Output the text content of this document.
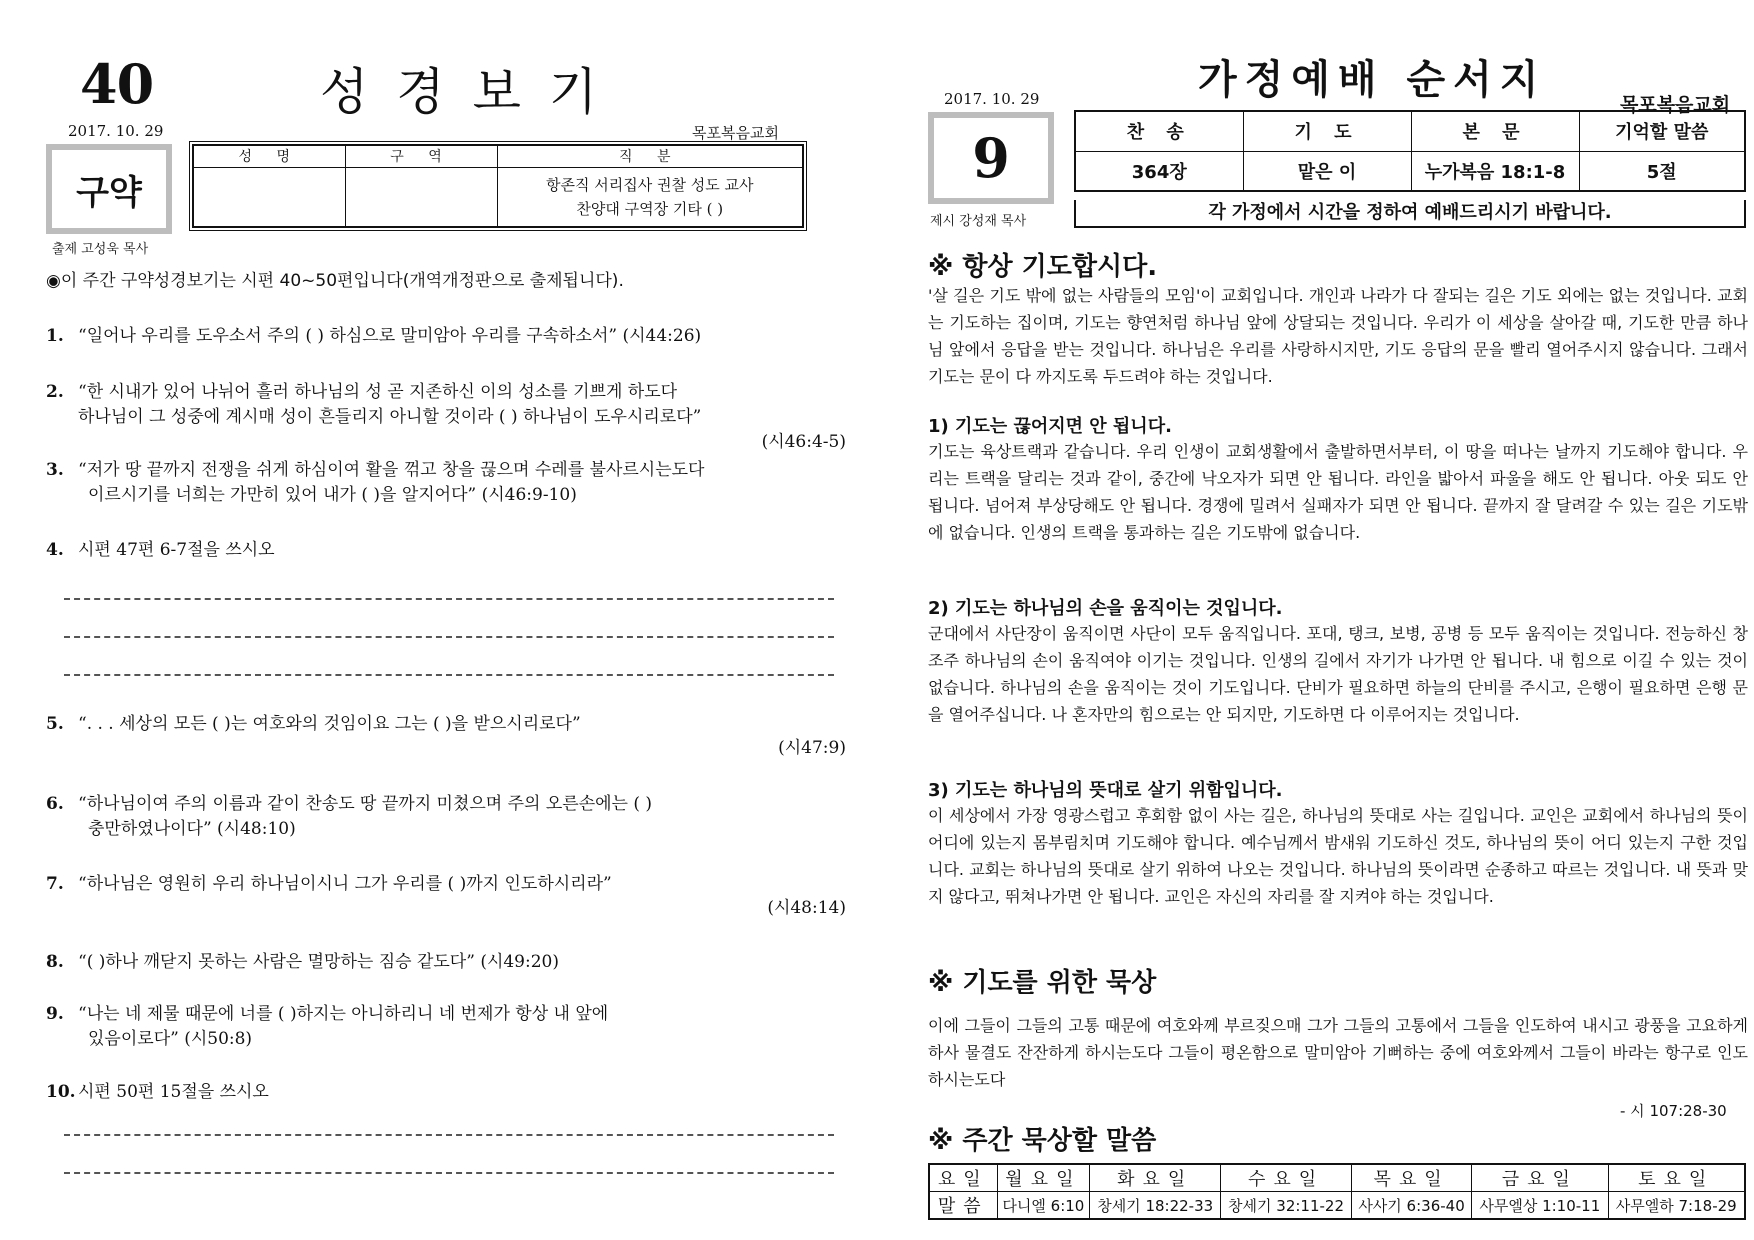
40	성경보기
2017. 10. 29	목포복음교회
구약
출제 고성욱 목사
성 명	구 역	직 분

		항존직 서리집사 권찰 성도 교사
찬양대 구역장 기타 ( )
◉이 주간 구약성경보기는 시편 40~50편입니다(개역개정판으로 출제됩니다).
1. “일어나 우리를 도우소서 주의 ( ) 하심으로 말미암아 우리를 구속하소서” (시44:26)
2. “한 시내가 있어 나뉘어 흘러 하나님의 성 곧 지존하신 이의 성소를 기쁘게 하도다
하나님이 그 성중에 계시매 성이 흔들리지 아니할 것이라 ( ) 하나님이 도우시리로다”
(시46:4-5)
3. “저가 땅 끝까지 전쟁을 쉬게 하심이여 활을 꺾고 창을 끊으며 수레를 불사르시는도다
이르시기를 너희는 가만히 있어 내가 ( )을 알지어다” (시46:9-10)
4. 시편 47편 6-7절을 쓰시오
5. “. . . 세상의 모든 ( )는 여호와의 것임이요 그는 ( )을 받으시리로다”
(시47:9)
6. “하나님이여 주의 이름과 같이 찬송도 땅 끝까지 미쳤으며 주의 오른손에는 ( )
충만하였나이다” (시48:10)
7. “하나님은 영원히 우리 하나님이시니 그가 우리를 ( )까지 인도하시리라”
(시48:14)
8. “( )하나 깨닫지 못하는 사람은 멸망하는 짐승 같도다” (시49:20)
9. “나는 네 제물 때문에 너를 ( )하지는 아니하리니 네 번제가 항상 내 앞에
있음이로다” (시50:8)
10. 시편 50편 15절을 쓰시오
가정예배 순서지
2017. 10. 29	목포복음교회
9
제시 강성재 목사
찬 송	기 도	본 문	기억할 말씀
364장	맡은 이	누가복음 18:1-8	5절
각 가정에서 시간을 정하여 예배드리시기 바랍니다.
※ 항상 기도합시다.
'살 길은 기도 밖에 없는 사람들의 모임'이 교회입니다. 개인과 나라가 다 잘되는 길은 기도 외에는 없는 것입니다. 교회는 기도하는 집이며, 기도는 향연처럼 하나님 앞에 상달되는 것입니다. 우리가 이 세상을 살아갈 때, 기도한 만큼 하나님 앞에서 응답을 받는 것입니다. 하나님은 우리를 사랑하시지만, 기도 응답의 문을 빨리 열어주시지 않습니다. 그래서 기도는 문이 다 까지도록 두드려야 하는 것입니다.
1) 기도는 끊어지면 안 됩니다.
기도는 육상트랙과 같습니다. 우리 인생이 교회생활에서 출발하면서부터, 이 땅을 떠나는 날까지 기도해야 합니다. 우리는 트랙을 달리는 것과 같이, 중간에 낙오자가 되면 안 됩니다. 라인을 밟아서 파울을 해도 안 됩니다. 아웃 되도 안 됩니다. 넘어져 부상당해도 안 됩니다. 경쟁에 밀려서 실패자가 되면 안 됩니다. 끝까지 잘 달려갈 수 있는 길은 기도밖에 없습니다. 인생의 트랙을 통과하는 길은 기도밖에 없습니다.
2) 기도는 하나님의 손을 움직이는 것입니다.
군대에서 사단장이 움직이면 사단이 모두 움직입니다. 포대, 탱크, 보병, 공병 등 모두 움직이는 것입니다. 전능하신 창조주 하나님의 손이 움직여야 이기는 것입니다. 인생의 길에서 자기가 나가면 안 됩니다. 내 힘으로 이길 수 있는 것이 없습니다. 하나님의 손을 움직이는 것이 기도입니다. 단비가 필요하면 하늘의 단비를 주시고, 은행이 필요하면 은행 문을 열어주십니다. 나 혼자만의 힘으로는 안 되지만, 기도하면 다 이루어지는 것입니다.
3) 기도는 하나님의 뜻대로 살기 위함입니다.
이 세상에서 가장 영광스럽고 후회함 없이 사는 길은, 하나님의 뜻대로 사는 길입니다. 교인은 교회에서 하나님의 뜻이 어디에 있는지 몸부림치며 기도해야 합니다. 예수님께서 밤새워 기도하신 것도, 하나님의 뜻이 어디 있는지 구한 것입니다. 교회는 하나님의 뜻대로 살기 위하여 나오는 것입니다. 하나님의 뜻이라면 순종하고 따르는 것입니다. 내 뜻과 맞지 않다고, 뛰쳐나가면 안 됩니다. 교인은 자신의 자리를 잘 지켜야 하는 것입니다.
※ 기도를 위한 묵상
이에 그들이 그들의 고통 때문에 여호와께 부르짖으매 그가 그들의 고통에서 그들을 인도하여 내시고 광풍을 고요하게 하사 물결도 잔잔하게 하시는도다 그들이 평온함으로 말미암아 기뻐하는 중에 여호와께서 그들이 바라는 항구로 인도하시는도다
- 시 107:28-30
※ 주간 묵상할 말씀
요일	월요일	화요일	수요일	목요일	금요일	토요일
말씀	다니엘 6:10	창세기 18:22-33	창세기 32:11-22	사사기 6:36-40	사무엘상 1:10-11	사무엘하 7:18-29
